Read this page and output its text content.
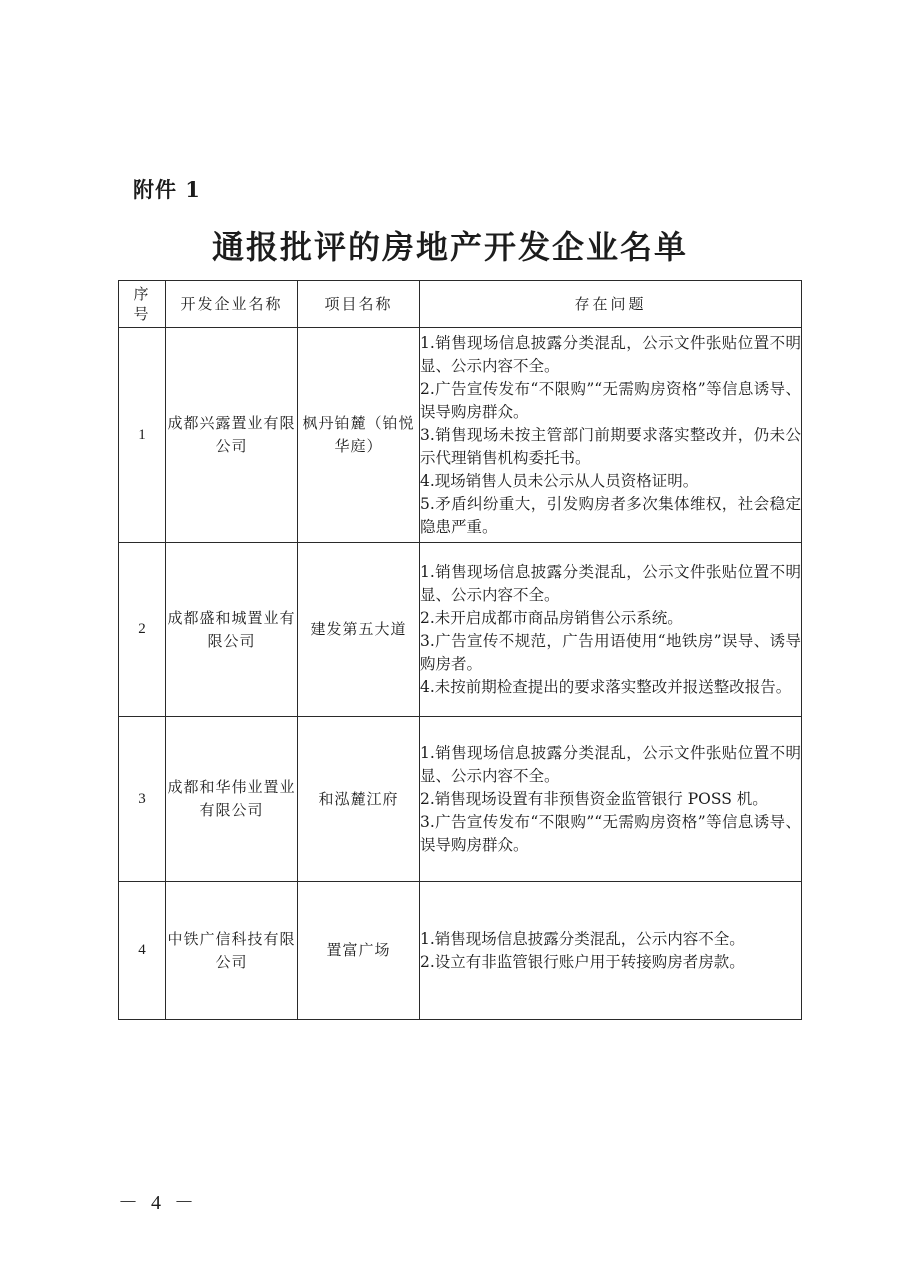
附件 1
通报批评的房地产开发企业名单
序号	开发企业名称	项目名称	存在问题
1	成都兴露置业有限公司	枫丹铂麓（铂悦华庭）	1.销售现场信息披露分类混乱，公示文件张贴位置不明显、公示内容不全。
2.广告宣传发布“不限购”“无需购房资格”等信息诱导、误导购房群众。
3.销售现场未按主管部门前期要求落实整改并，仍未公示代理销售机构委托书。
4.现场销售人员未公示从人员资格证明。
5.矛盾纠纷重大，引发购房者多次集体维权，社会稳定隐患严重。

2	成都盛和城置业有限公司	建发第五大道	1.销售现场信息披露分类混乱，公示文件张贴位置不明显、公示内容不全。
2.未开启成都市商品房销售公示系统。
3.广告宣传不规范，广告用语使用“地铁房”误导、诱导购房者。
4.未按前期检查提出的要求落实整改并报送整改报告。

3	成都和华伟业置业有限公司	和泓麓江府	1.销售现场信息披露分类混乱，公示文件张贴位置不明显、公示内容不全。
2.销售现场设置有非预售资金监管银行 POSS 机。
3.广告宣传发布“不限购”“无需购房资格”等信息诱导、误导购房群众。

4	中铁广信科技有限公司	置富广场	1.销售现场信息披露分类混乱，公示内容不全。
2.设立有非监管银行账户用于转接购房者房款。
－ 4 －
